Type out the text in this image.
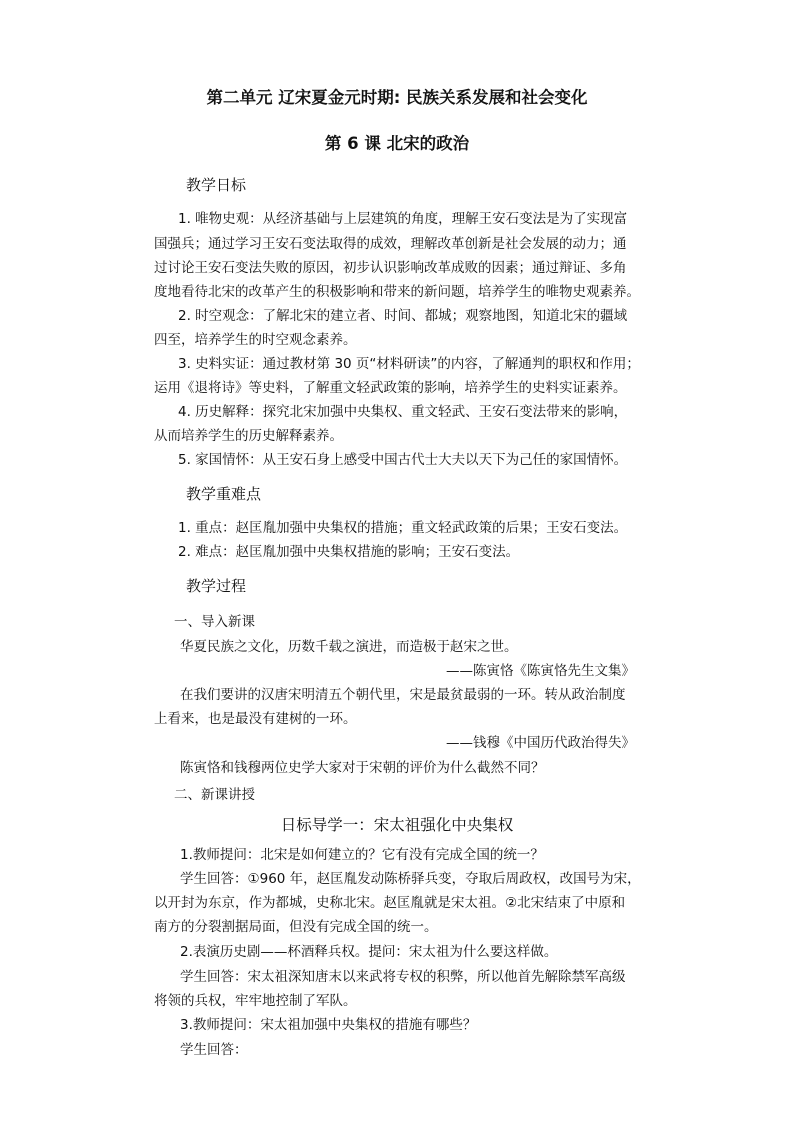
第二单元 辽宋夏金元时期: 民族关系发展和社会变化
第 6 课 北宋的政治
教学日标
1. 唯物史观：从经济基础与上层建筑的角度，理解王安石变法是为了实现富
国强兵；通过学习王安石变法取得的成效，理解改革创新是社会发展的动力；通
过讨论王安石变法失败的原因，初步认识影响改革成败的因素；通过辩证、多角
度地看待北宋的改革产生的积极影响和带来的新问题，培养学生的唯物史观素养。
2. 时空观念：了解北宋的建立者、时间、都城；观察地图，知道北宋的疆域
四至，培养学生的时空观念素养。
3. 史料实证：通过教材第 30 页“材料研读”的内容，了解通判的职权和作用；
运用《退将诗》等史料，了解重文轻武政策的影响，培养学生的史料实证素养。
4. 历史解释：探究北宋加强中央集权、重文轻武、王安石变法带来的影响，
从而培养学生的历史解释素养。
5. 家国情怀：从王安石身上感受中国古代士大夫以天下为己任的家国情怀。
教学重难点
1. 重点：赵匡胤加强中央集权的措施；重文轻武政策的后果；王安石变法。
2. 难点：赵匡胤加强中央集权措施的影响；王安石变法。
教学过程
一、导入新课
华夏民族之文化，历数千载之演进，而造极于赵宋之世。
——陈寅恪《陈寅恪先生文集》
在我们要讲的汉唐宋明清五个朝代里，宋是最贫最弱的一环。转从政治制度
上看来，也是最没有建树的一环。
——钱穆《中国历代政治得失》
陈寅恪和钱穆两位史学大家对于宋朝的评价为什么截然不同？
二、新课讲授
日标导学一：宋太祖强化中央集权
1.教师提问：北宋是如何建立的？它有没有完成全国的统一？
学生回答：①960 年，赵匡胤发动陈桥驿兵变，夺取后周政权，改国号为宋，
以开封为东京，作为都城，史称北宋。赵匡胤就是宋太祖。②北宋结束了中原和
南方的分裂割据局面，但没有完成全国的统一。
2.表演历史剧——杯酒释兵权。提问：宋太祖为什么要这样做。
学生回答：宋太祖深知唐末以来武将专权的积弊，所以他首先解除禁军高级
将领的兵权，牢牢地控制了军队。
3.教师提问：宋太祖加强中央集权的措施有哪些？
学生回答：
